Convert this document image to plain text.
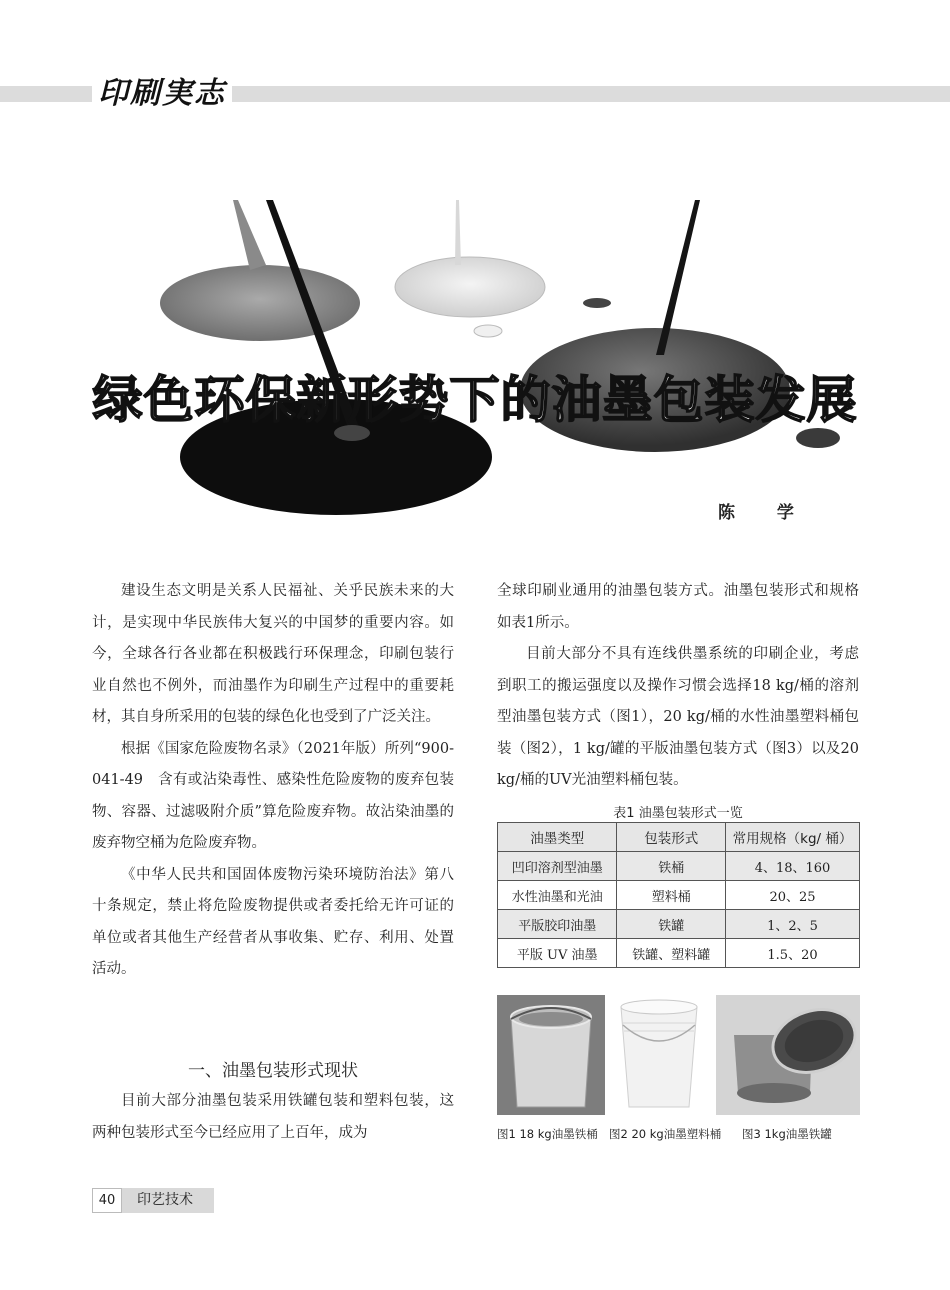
印刷実志
绿色环保新形势下的油墨包装发展
陈 学

建设生态文明是关系人民福祉、关乎民族未来的大计，是实现中华民族伟大复兴的中国梦的重要内容。如今，全球各行各业都在积极践行环保理念，印刷包装行业自然也不例外，而油墨作为印刷生产过程中的重要耗材，其自身所采用的包装的绿色化也受到了广泛关注。

根据《国家危险废物名录》（2021年版）所列“900-041-49　含有或沾染毒性、感染性危险废物的废弃包装物、容器、过滤吸附介质”算危险废弃物。故沾染油墨的废弃物空桶为危险废弃物。

《中华人民共和国固体废物污染环境防治法》第八十条规定，禁止将危险废物提供或者委托给无许可证的单位或者其他生产经营者从事收集、贮存、利用、处置活动。

一、油墨包装形式现状

目前大部分油墨包装采用铁罐包装和塑料包装，这两种包装形式至今已经应用了上百年，成为

全球印刷业通用的油墨包装方式。油墨包装形式和规格如表1所示。

目前大部分不具有连线供墨系统的印刷企业，考虑到职工的搬运强度以及操作习惯会选择18 kg/桶的溶剂型油墨包装方式（图1），20 kg/桶的水性油墨塑料桶包装（图2），1 kg/罐的平版油墨包装方式（图3）以及20 kg/桶的UV光油塑料桶包装。

表1 油墨包装形式一览
油墨类型	包装形式	常用规格（kg/ 桶）
凹印溶剂型油墨	铁桶	4、18、160
水性油墨和光油	塑料桶	20、25
平版胶印油墨	铁罐	1、2、5
平版 UV 油墨	铁罐、塑料罐	1.5、20
图1 18 kg油墨铁桶 图2 20 kg油墨塑料桶 图3 1kg油墨铁罐
40	印艺技术
